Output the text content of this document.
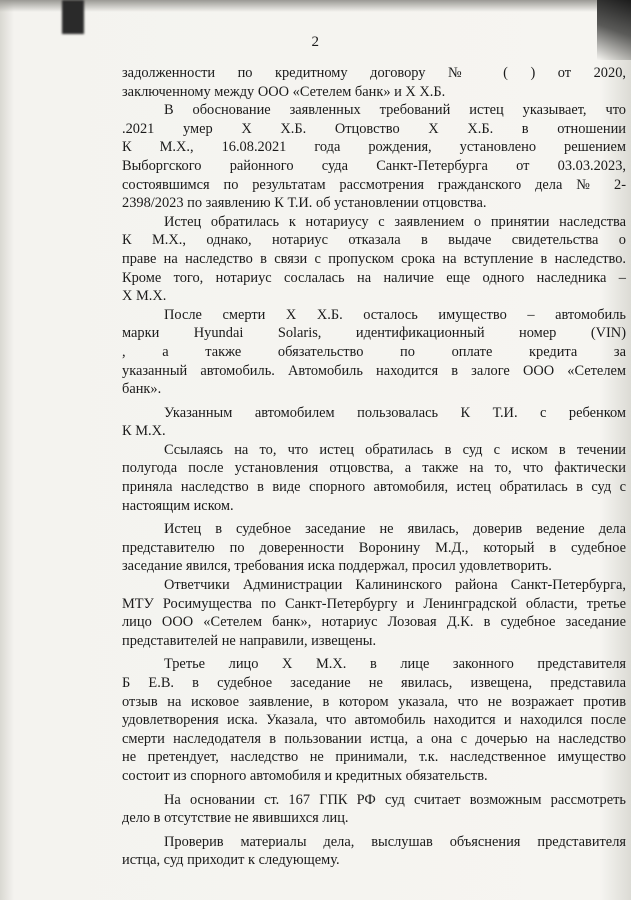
2
задолженности по кредитному договору № ( ) от 2020,
заключенному между ООО «Сетелем банк» и Х Х.Б.
В обоснование заявленных требований истец указывает, что
.2021 умер Х Х.Б. Отцовство Х Х.Б. в отношении
К М.Х., 16.08.2021 года рождения, установлено решением
Выборгского районного суда Санкт-Петербурга от 03.03.2023,
состоявшимся по результатам рассмотрения гражданского дела № 2-
2398/2023 по заявлению К Т.И. об установлении отцовства.
Истец обратилась к нотариусу с заявлением о принятии наследства
К М.Х., однако, нотариус отказала в выдаче свидетельства о
праве на наследство в связи с пропуском срока на вступление в наследство.
Кроме того, нотариус сослалась на наличие еще одного наследника –
Х М.Х.
После смерти Х Х.Б. осталось имущество – автомобиль
марки Hyundai Solaris, идентификационный номер (VIN)
, а также обязательство по оплате кредита за
указанный автомобиль. Автомобиль находится в залоге ООО «Сетелем
банк».
Указанным автомобилем пользовалась К Т.И. с ребенком
К М.Х.
Ссылаясь на то, что истец обратилась в суд с иском в течении
полугода после установления отцовства, а также на то, что фактически
приняла наследство в виде спорного автомобиля, истец обратилась в суд с
настоящим иском.
Истец в судебное заседание не явилась, доверив ведение дела
представителю по доверенности Воронину М.Д., который в судебное
заседание явился, требования иска поддержал, просил удовлетворить.
Ответчики Администрации Калининского района Санкт-Петербурга,
МТУ Росимущества по Санкт-Петербургу и Ленинградской области, третье
лицо ООО «Сетелем банк», нотариус Лозовая Д.К. в судебное заседание
представителей не направили, извещены.
Третье лицо Х М.Х. в лице законного представителя
Б Е.В. в судебное заседание не явилась, извещена, представила
отзыв на исковое заявление, в котором указала, что не возражает против
удовлетворения иска. Указала, что автомобиль находится и находился после
смерти наследодателя в пользовании истца, а она с дочерью на наследство
не претендует, наследство не принимали, т.к. наследственное имущество
состоит из спорного автомобиля и кредитных обязательств.
На основании ст. 167 ГПК РФ суд считает возможным рассмотреть
дело в отсутствие не явившихся лиц.
Проверив материалы дела, выслушав объяснения представителя
истца, суд приходит к следующему.
